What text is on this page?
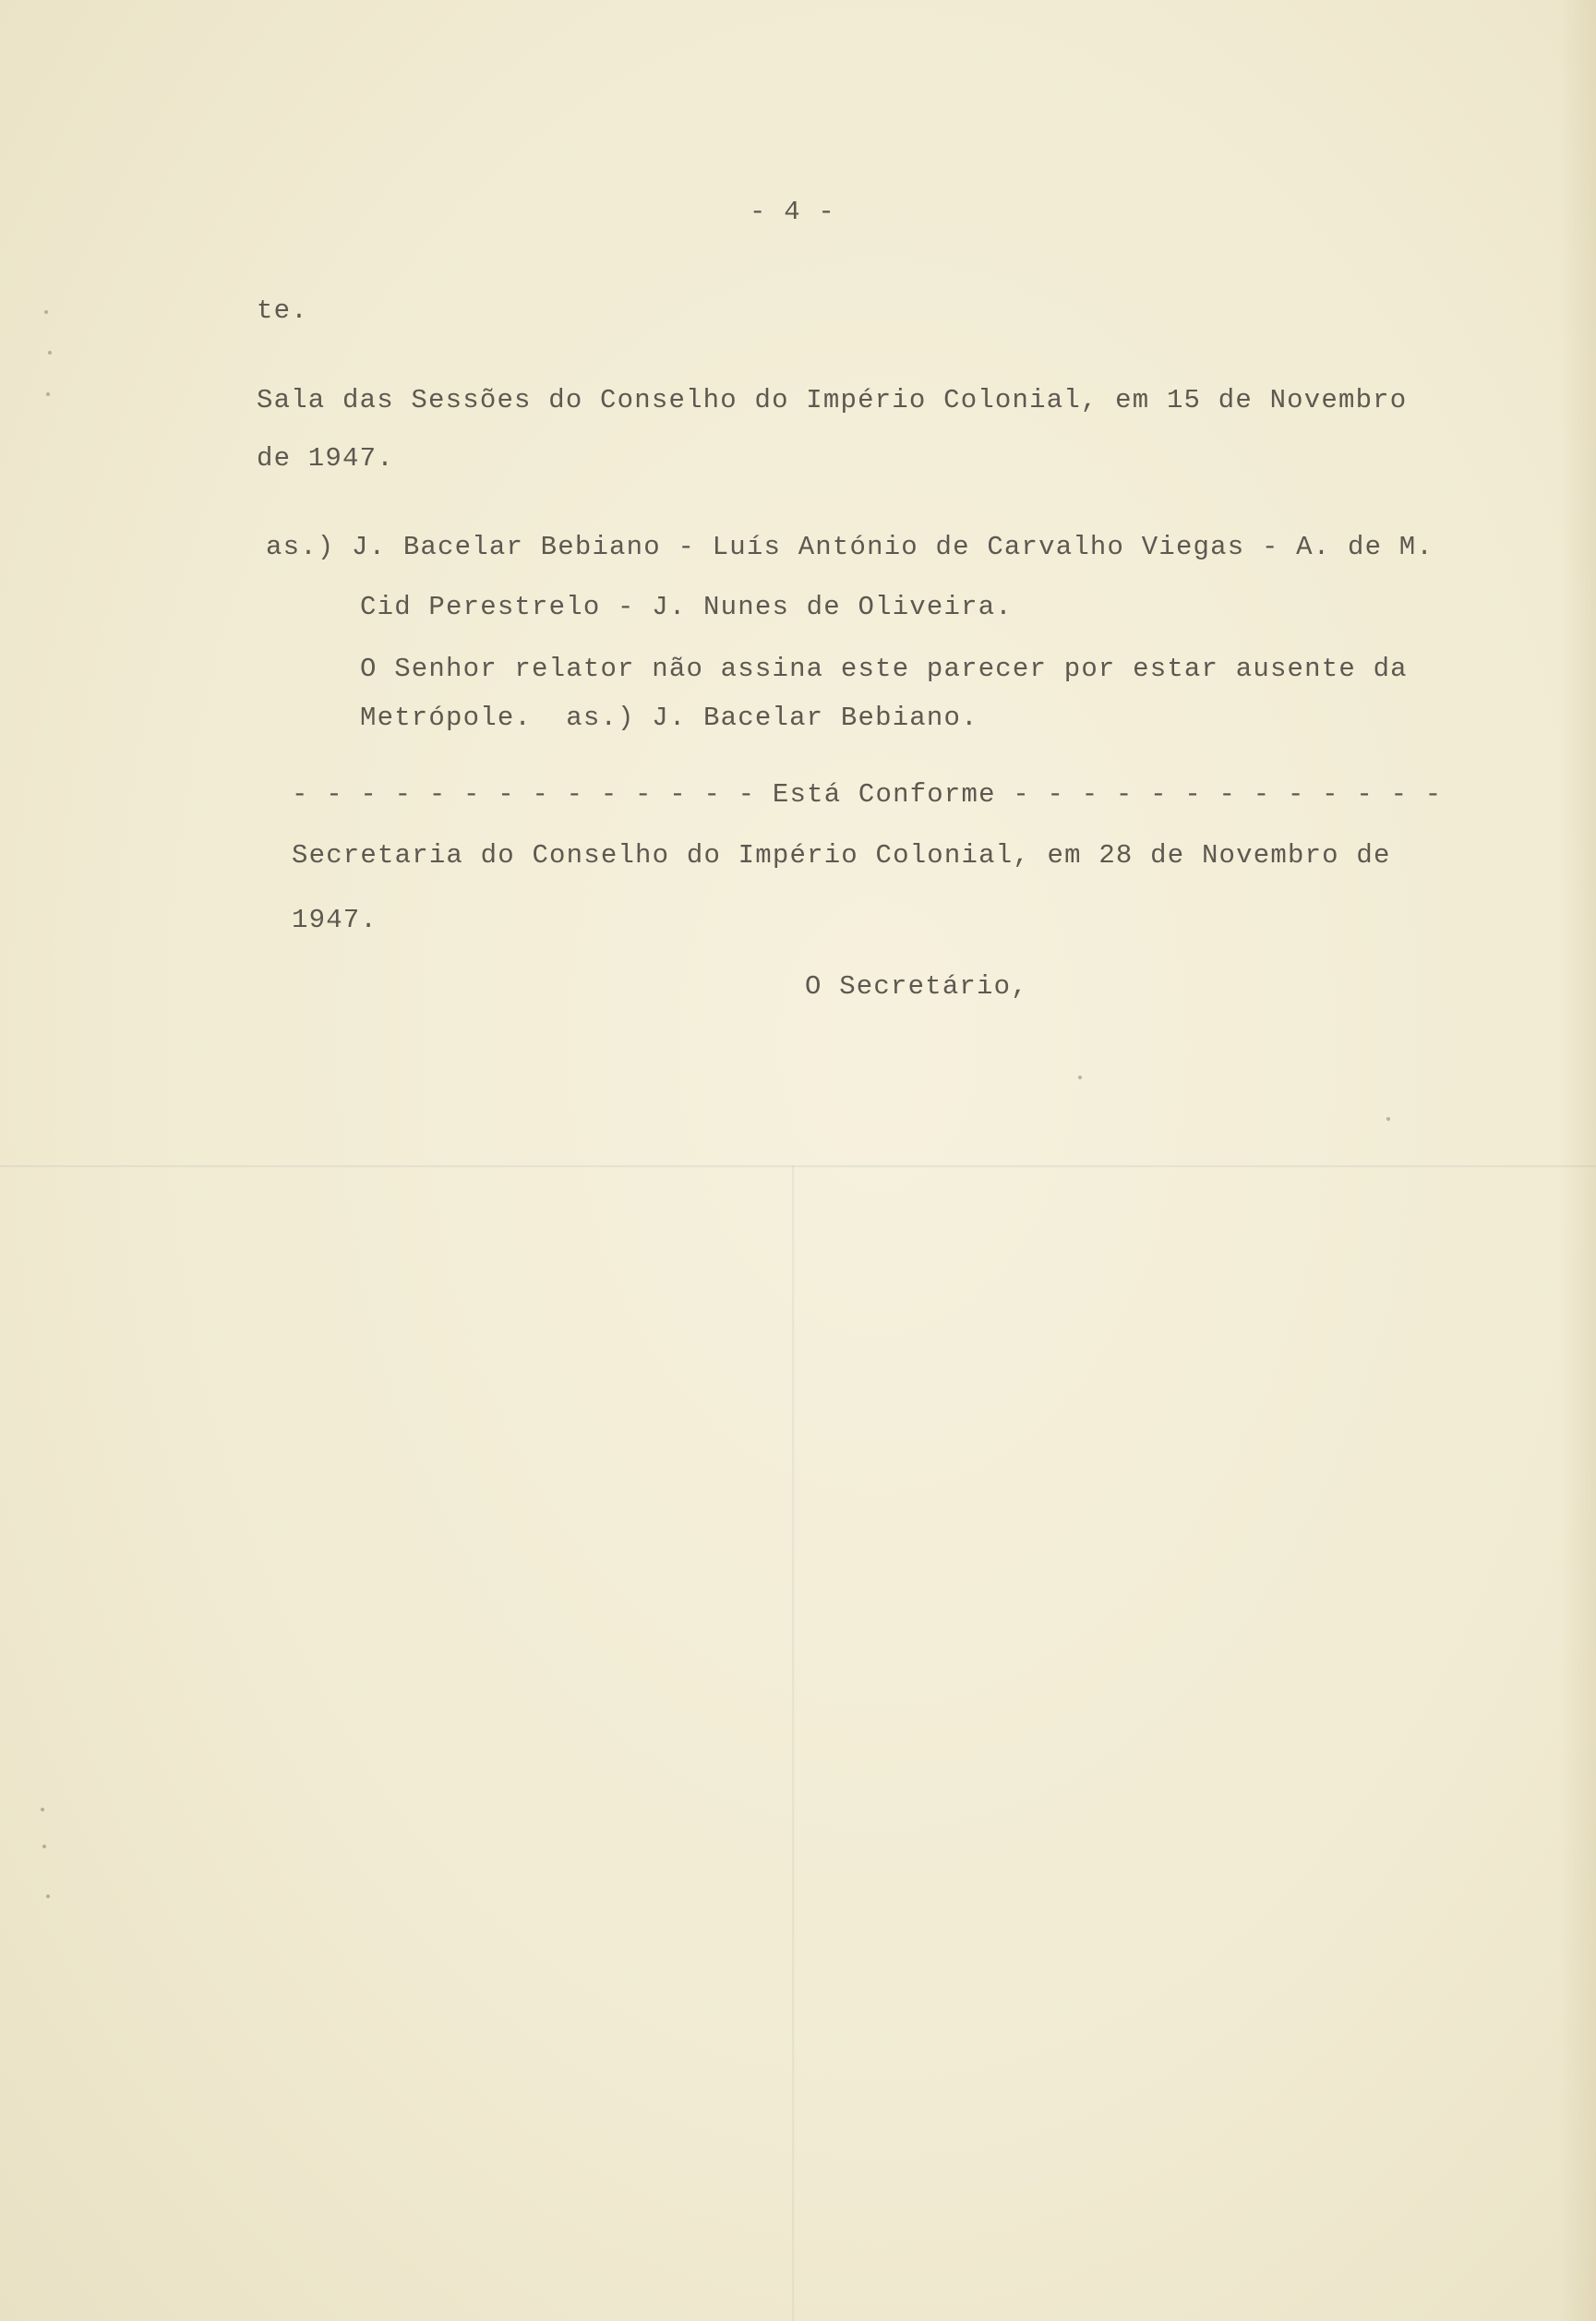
- 4 -

te.

Sala das Sessões do Conselho do Império Colonial, em 15 de Novembro

de 1947.

as.) J. Bacelar Bebiano - Luís António de Carvalho Viegas - A. de M.

Cid Perestrelo - J. Nunes de Oliveira.

O Senhor relator não assina este parecer por estar ausente da

Metrópole.  as.) J. Bacelar Bebiano.

- - - - - - - - - - - - - - Está Conforme - - - - - - - - - - - - -

Secretaria do Conselho do Império Colonial, em 28 de Novembro de

1947.

O Secretário,
